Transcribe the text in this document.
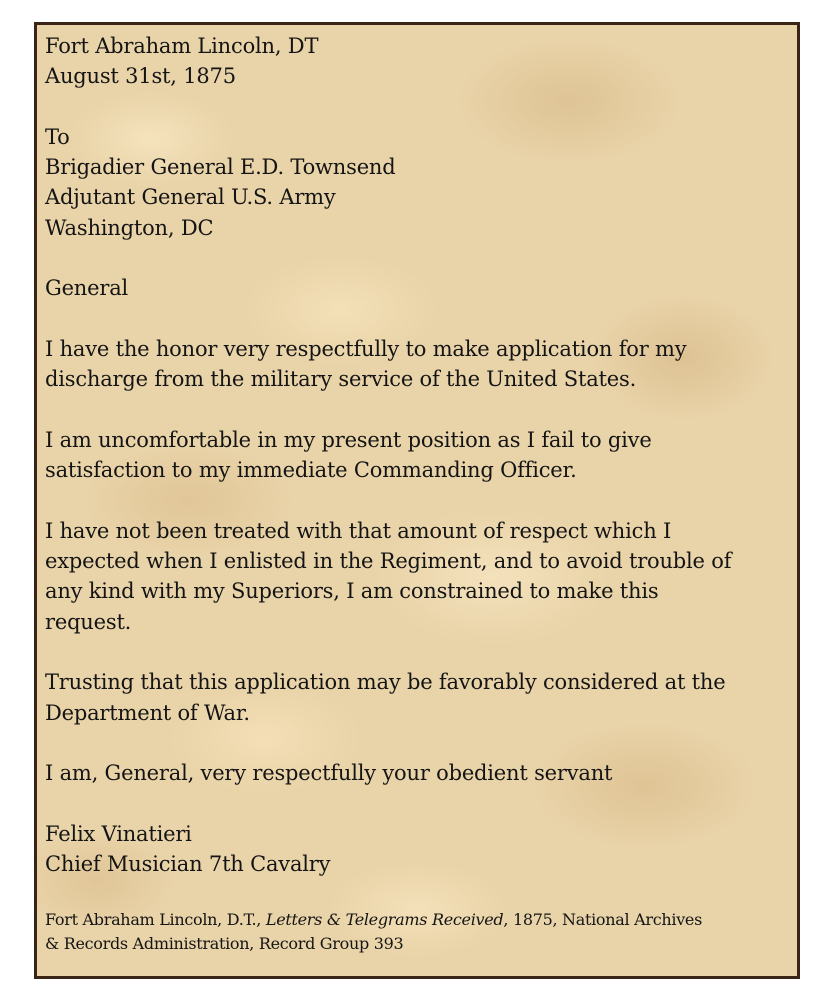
Fort Abraham Lincoln, DT
August 31st, 1875
To
Brigadier General E.D. Townsend
Adjutant General U.S. Army
Washington, DC
General
I have the honor very respectfully to make application for my
discharge from the military service of the United States.
I am uncomfortable in my present position as I fail to give
satisfaction to my immediate Commanding Officer.
I have not been treated with that amount of respect which I
expected when I enlisted in the Regiment, and to avoid trouble of
any kind with my Superiors, I am constrained to make this
request.
Trusting that this application may be favorably considered at the
Department of War.
I am, General, very respectfully your obedient servant
Felix Vinatieri
Chief Musician 7th Cavalry
Fort Abraham Lincoln, D.T., Letters & Telegrams Received, 1875, National Archives
& Records Administration, Record Group 393
